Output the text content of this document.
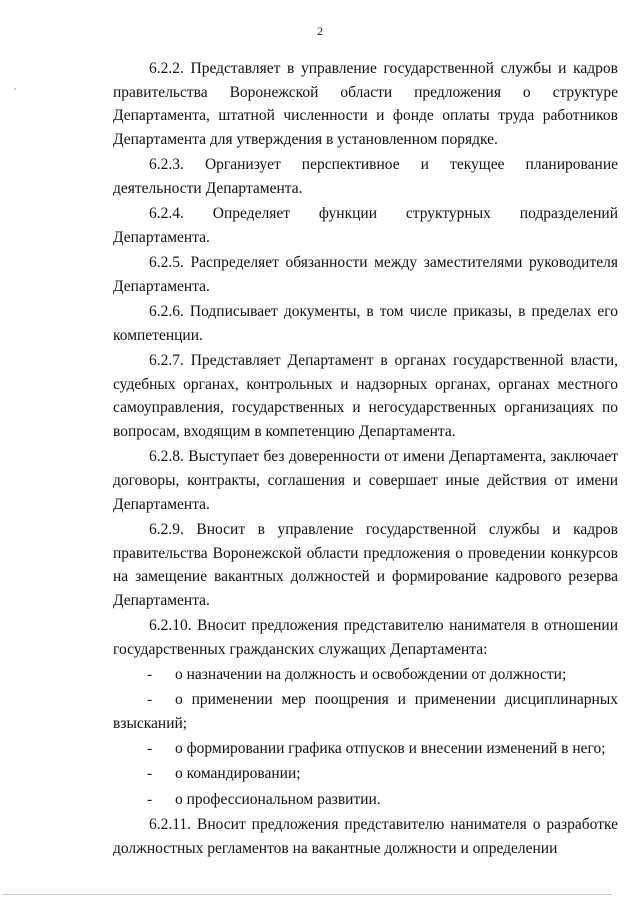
2

6.2.2. Представляет в управление государственной службы и кадров правительства Воронежской области предложения о структуре Департамента, штатной численности и фонде оплаты труда работников Департамента для утверждения в установленном порядке.

6.2.3. Организует перспективное и текущее планирование деятельности Департамента.

6.2.4. Определяет функции структурных подразделений Департамента.

6.2.5. Распределяет обязанности между заместителями руководителя Департамента.

6.2.6. Подписывает документы, в том числе приказы, в пределах его компетенции.

6.2.7. Представляет Департамент в органах государственной власти, судебных органах, контрольных и надзорных органах, органах местного самоуправления, государственных и негосударственных организациях по вопросам, входящим в компетенцию Департамента.

6.2.8. Выступает без доверенности от имени Департамента, заключает договоры, контракты, соглашения и совершает иные действия от имени Департамента.

6.2.9. Вносит в управление государственной службы и кадров правительства Воронежской области предложения о проведении конкурсов на замещение вакантных должностей и формирование кадрового резерва Департамента.

6.2.10. Вносит предложения представителю нанимателя в отношении государственных гражданских служащих Департамента:

- о назначении на должность и освобождении от должности;

- о применении мер поощрения и применении дисциплинарных взысканий;

- о формировании графика отпусков и внесении изменений в него;

- о командировании;

- о профессиональном развитии.

6.2.11. Вносит предложения представителю нанимателя о разработке должностных регламентов на вакантные должности и определении
